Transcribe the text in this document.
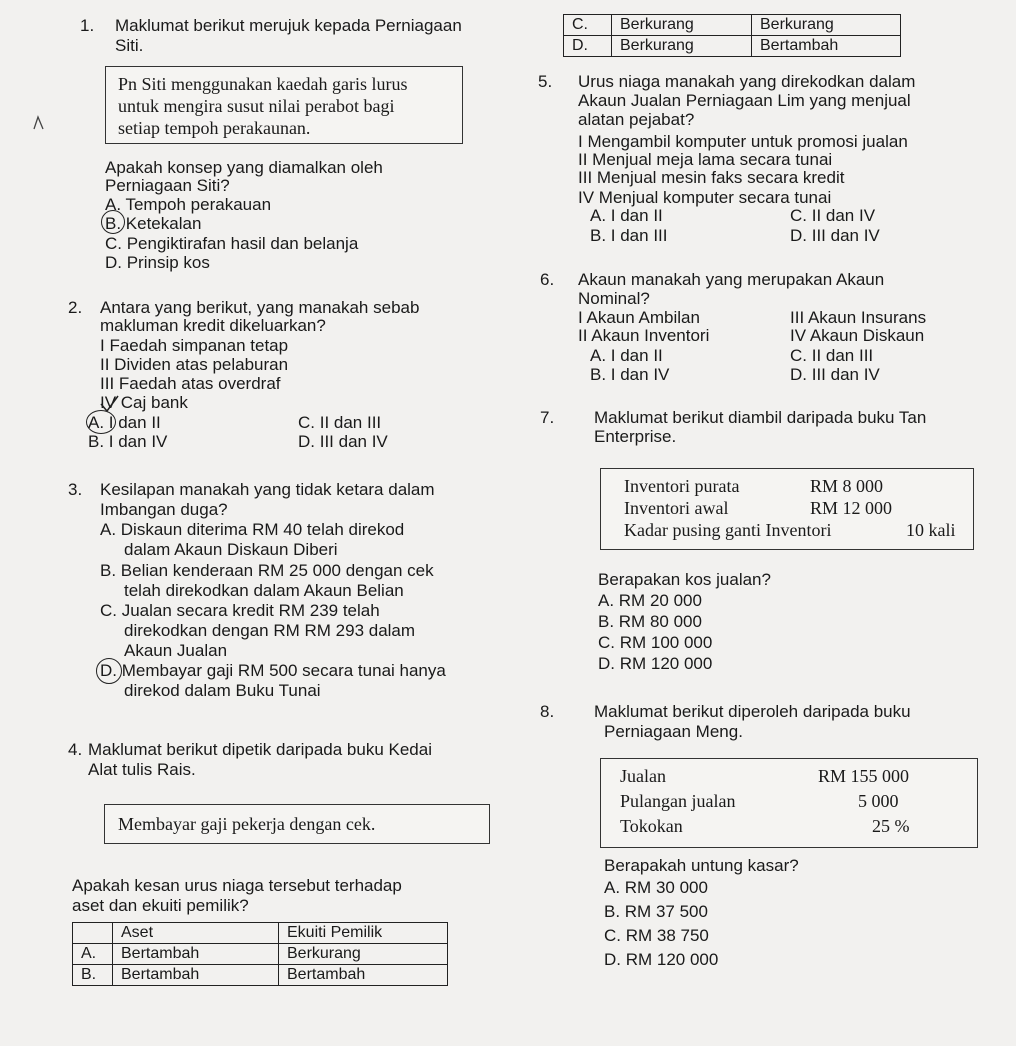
C.	Berkurang	Berkurang
D.	Berkurang	Bertambah
1. Maklumat berikut merujuk kepada Perniagaan
Siti.
Pn Siti menggunakan kaedah garis lurus
untuk mengira susut nilai perabot bagi
setiap tempoh perakaunan.
Apakah konsep yang diamalkan oleh
Perniagaan Siti?
A. Tempoh perakauan
B. Ketekalan
C. Pengiktirafan hasil dan belanja
D. Prinsip kos
2. Antara yang berikut, yang manakah sebab
makluman kredit dikeluarkan?
I Faedah simpanan tetap
II Dividen atas pelaburan
III Faedah atas overdraf
IV Caj bank
A. I dan II	C. II dan III
B. I dan IV	D. III dan IV
3. Kesilapan manakah yang tidak ketara dalam
Imbangan duga?
A. Diskaun diterima RM 40 telah direkod
dalam Akaun Diskaun Diberi
B. Belian kenderaan RM 25 000 dengan cek
telah direkodkan dalam Akaun Belian
C. Jualan secara kredit RM 239 telah
direkodkan dengan RM RM 293 dalam
Akaun Jualan
D. Membayar gaji RM 500 secara tunai hanya
direkod dalam Buku Tunai
4. Maklumat berikut dipetik daripada buku Kedai
Alat tulis Rais.
Membayar gaji pekerja dengan cek.
Apakah kesan urus niaga tersebut terhadap
aset dan ekuiti pemilik?
	Aset	Ekuiti Pemilik
A.	Bertambah	Berkurang
B.	Bertambah	Bertambah
5. Urus niaga manakah yang direkodkan dalam
Akaun Jualan Perniagaan Lim yang menjual
alatan pejabat?
I Mengambil komputer untuk promosi jualan
II Menjual meja lama secara tunai
III Menjual mesin faks secara kredit
IV Menjual komputer secara tunai
A. I dan II	C. II dan IV
B. I dan III	D. III dan IV
6. Akaun manakah yang merupakan Akaun
Nominal?
I Akaun Ambilan	III Akaun Insurans
II Akaun Inventori	IV Akaun Diskaun
A. I dan II	C. II dan III
B. I dan IV	D. III dan IV
7. Maklumat berikut diambil daripada buku Tan
Enterprise.
Inventori purata	RM 8 000
Inventori awal	RM 12 000
Kadar pusing ganti Inventori	10 kali
Berapakan kos jualan?
A. RM 20 000
B. RM 80 000
C. RM 100 000
D. RM 120 000
8. Maklumat berikut diperoleh daripada buku
Perniagaan Meng.
Jualan	RM 155 000
Pulangan jualan	5 000
Tokokan	25 %
Berapakah untung kasar?
A. RM 30 000
B. RM 37 500
C. RM 38 750
D. RM 120 000
